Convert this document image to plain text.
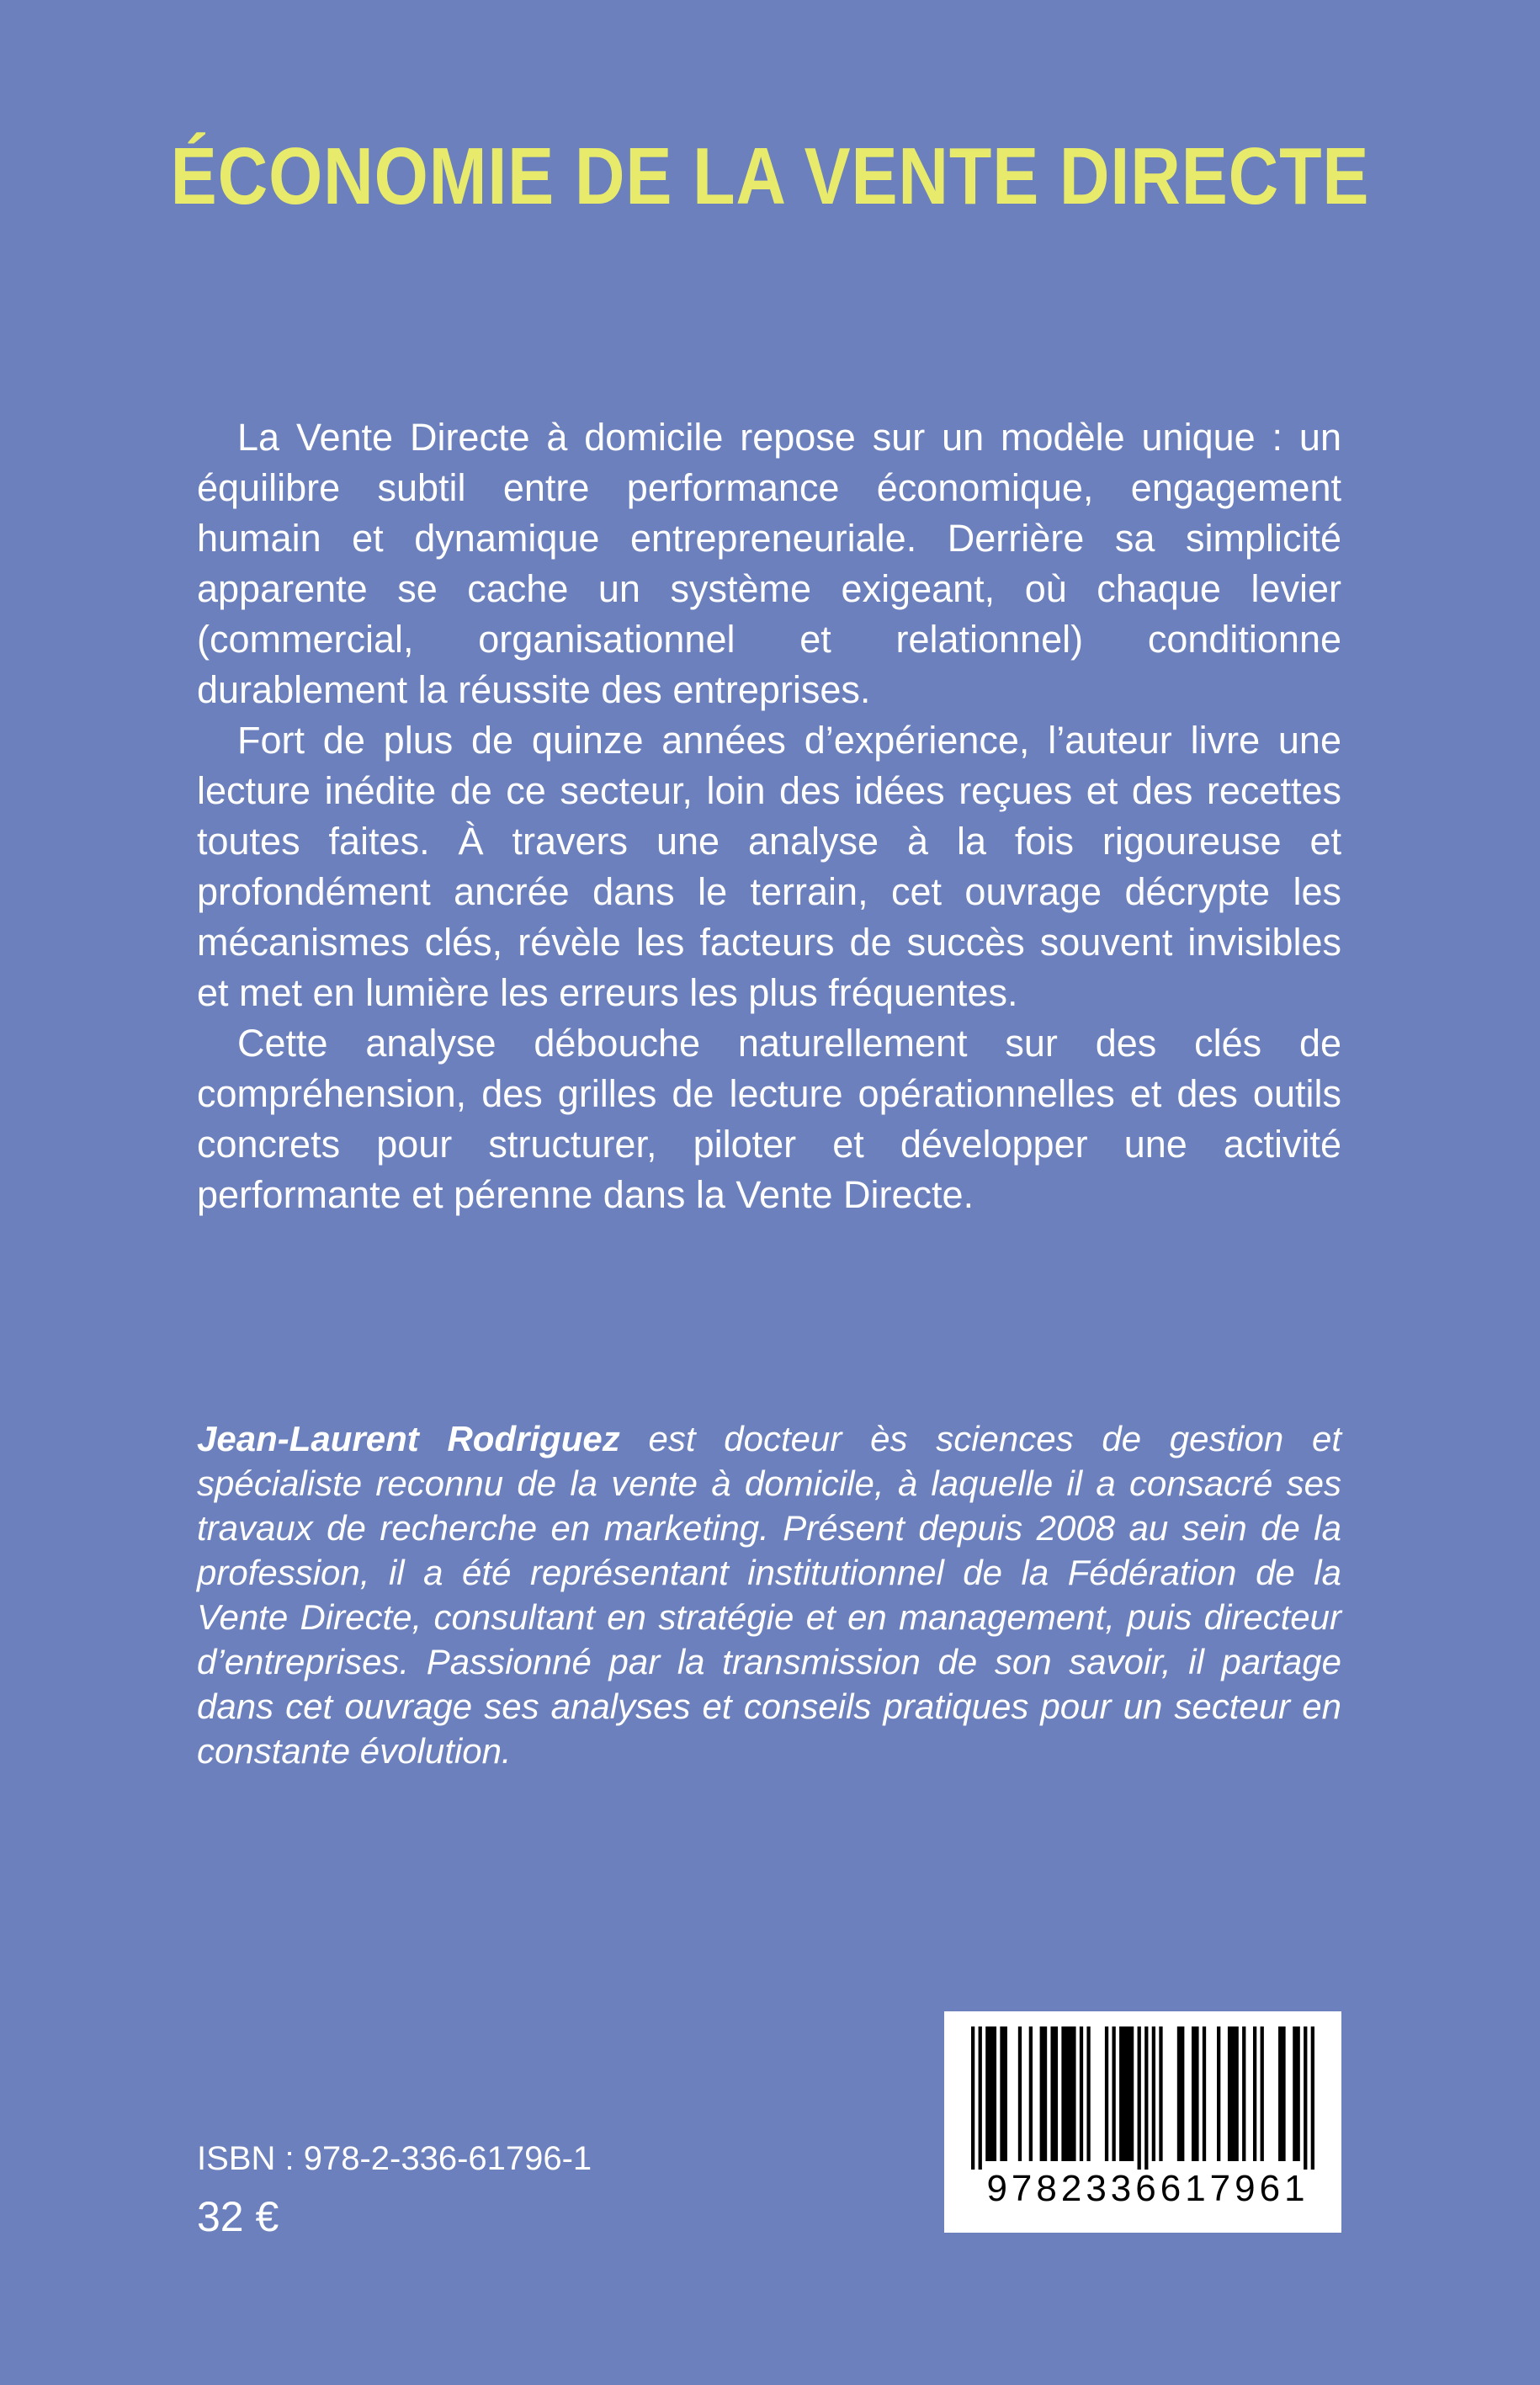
ÉCONOMIE DE LA VENTE DIRECTE

La Vente Directe à domicile repose sur un modèle unique : un équilibre subtil entre performance économique, engagement humain et dynamique entrepreneuriale. Derrière sa simplicité apparente se cache un système exigeant, où chaque levier (commercial, organisationnel et relationnel) conditionne durablement la réussite des entreprises.

Fort de plus de quinze années d’expérience, l’auteur livre une lecture inédite de ce secteur, loin des idées reçues et des recettes toutes faites. À travers une analyse à la fois rigoureuse et profondément ancrée dans le terrain, cet ouvrage décrypte les mécanismes clés, révèle les facteurs de succès souvent invisibles et met en lumière les erreurs les plus fréquentes.

Cette analyse débouche naturellement sur des clés de compréhension, des grilles de lecture opérationnelles et des outils concrets pour structurer, piloter et développer une activité performante et pérenne dans la Vente Directe.

Jean-Laurent Rodriguez est docteur ès sciences de gestion et spécialiste reconnu de la vente à domicile, à laquelle il a consacré ses travaux de recherche en marketing. Présent depuis 2008 au sein de la profession, il a été représentant institutionnel de la Fédération de la Vente Directe, consultant en stratégie et en management, puis directeur d’entreprises. Passionné par la transmission de son savoir, il partage dans cet ouvrage ses analyses et conseils pratiques pour un secteur en constante évolution.

ISBN : 978-2-336-61796-1
32 €
9782336617961
